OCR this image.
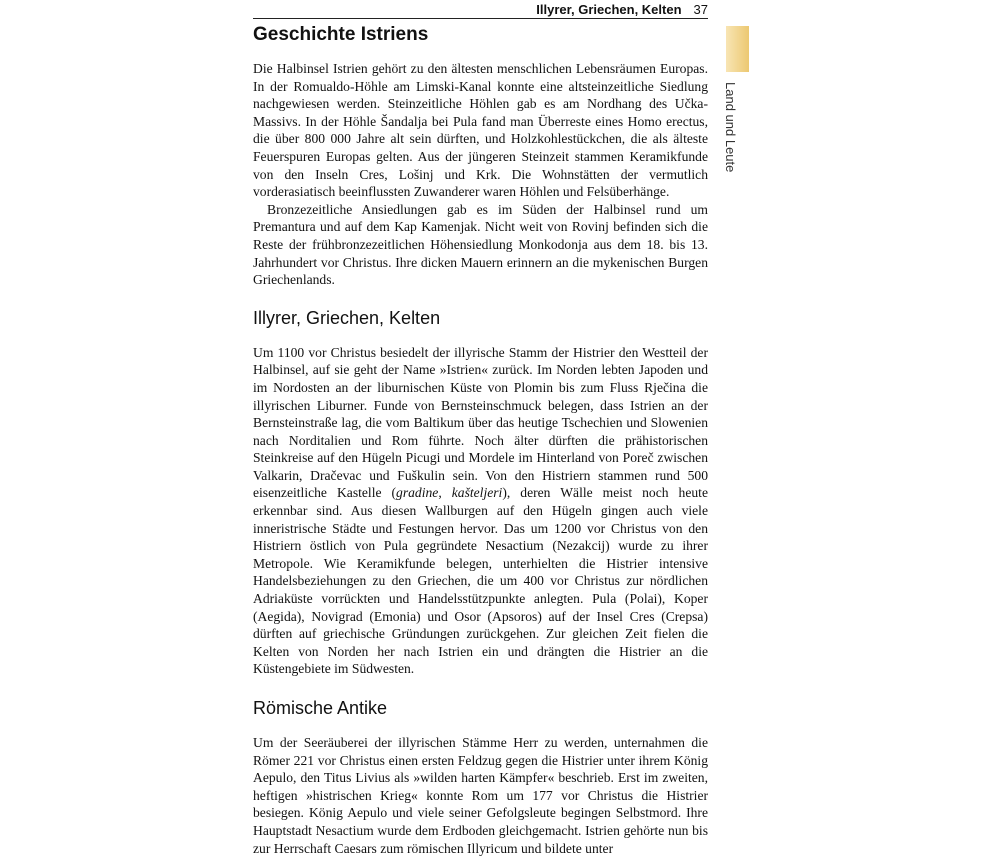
Illyrer, Griechen, Kelten 37
Land und Leute
Geschichte Istriens

Die Halbinsel Istrien gehört zu den ältesten menschlichen Lebensräumen Europas. In der Romualdo-Höhle am Limski-Kanal konnte eine altsteinzeitliche Siedlung nachgewiesen werden. Steinzeitliche Höhlen gab es am Nordhang des Učka-Massivs. In der Höhle Šandalja bei Pula fand man Überreste eines Homo erectus, die über 800 000 Jahre alt sein dürften, und Holzkohlestückchen, die als älteste Feuerspuren Europas gelten. Aus der jüngeren Steinzeit stammen Keramikfunde von den Inseln Cres, Lošinj und Krk. Die Wohnstätten der vermutlich vorderasiatisch beeinflussten Zuwanderer waren Höhlen und Felsüberhänge.

Bronzezeitliche Ansiedlungen gab es im Süden der Halbinsel rund um Premantura und auf dem Kap Kamenjak. Nicht weit von Rovinj befinden sich die Reste der frühbronzezeitlichen Höhensiedlung Monkodonja aus dem 18. bis 13. Jahrhundert vor Christus. Ihre dicken Mauern erinnern an die mykenischen Burgen Griechenlands.

Illyrer, Griechen, Kelten

Um 1100 vor Christus besiedelt der illyrische Stamm der Histrier den Westteil der Halbinsel, auf sie geht der Name »Istrien« zurück. Im Norden lebten Japoden und im Nordosten an der liburnischen Küste von Plomin bis zum Fluss Rječina die illyrischen Liburner. Funde von Bernsteinschmuck belegen, dass Istrien an der Bernsteinstraße lag, die vom Baltikum über das heutige Tschechien und Slowenien nach Norditalien und Rom führte. Noch älter dürften die prähistorischen Steinkreise auf den Hügeln Picugi und Mordele im Hinterland von Poreč zwischen Valkarin, Dračevac und Fuškulin sein. Von den Histriern stammen rund 500 eisenzeitliche Kastelle (gradine, kašteljeri), deren Wälle meist noch heute erkennbar sind. Aus diesen Wallburgen auf den Hügeln gingen auch viele inneristrische Städte und Festungen hervor. Das um 1200 vor Christus von den Histriern östlich von Pula gegründete Nesactium (Nezakcij) wurde zu ihrer Metropole. Wie Keramikfunde belegen, unterhielten die Histrier intensive Handelsbeziehungen zu den Griechen, die um 400 vor Christus zur nördlichen Adriaküste vorrückten und Handelsstützpunkte anlegten. Pula (Polai), Koper (Aegida), Novigrad (Emonia) und Osor (Apsoros) auf der Insel Cres (Crepsa) dürften auf griechische Gründungen zurückgehen. Zur gleichen Zeit fielen die Kelten von Norden her nach Istrien ein und drängten die Histrier an die Küstengebiete im Südwesten.

Römische Antike

Um der Seeräuberei der illyrischen Stämme Herr zu werden, unternahmen die Römer 221 vor Christus einen ersten Feldzug gegen die Histrier unter ihrem König Aepulo, den Titus Livius als »wilden harten Kämpfer« beschrieb. Erst im zweiten, heftigen »histrischen Krieg« konnte Rom um 177 vor Christus die Histrier besiegen. König Aepulo und viele seiner Gefolgsleute begingen Selbstmord. Ihre Hauptstadt Nesactium wurde dem Erdboden gleichgemacht. Istrien gehörte nun bis zur Herrschaft Caesars zum römischen Illyricum und bildete unter
